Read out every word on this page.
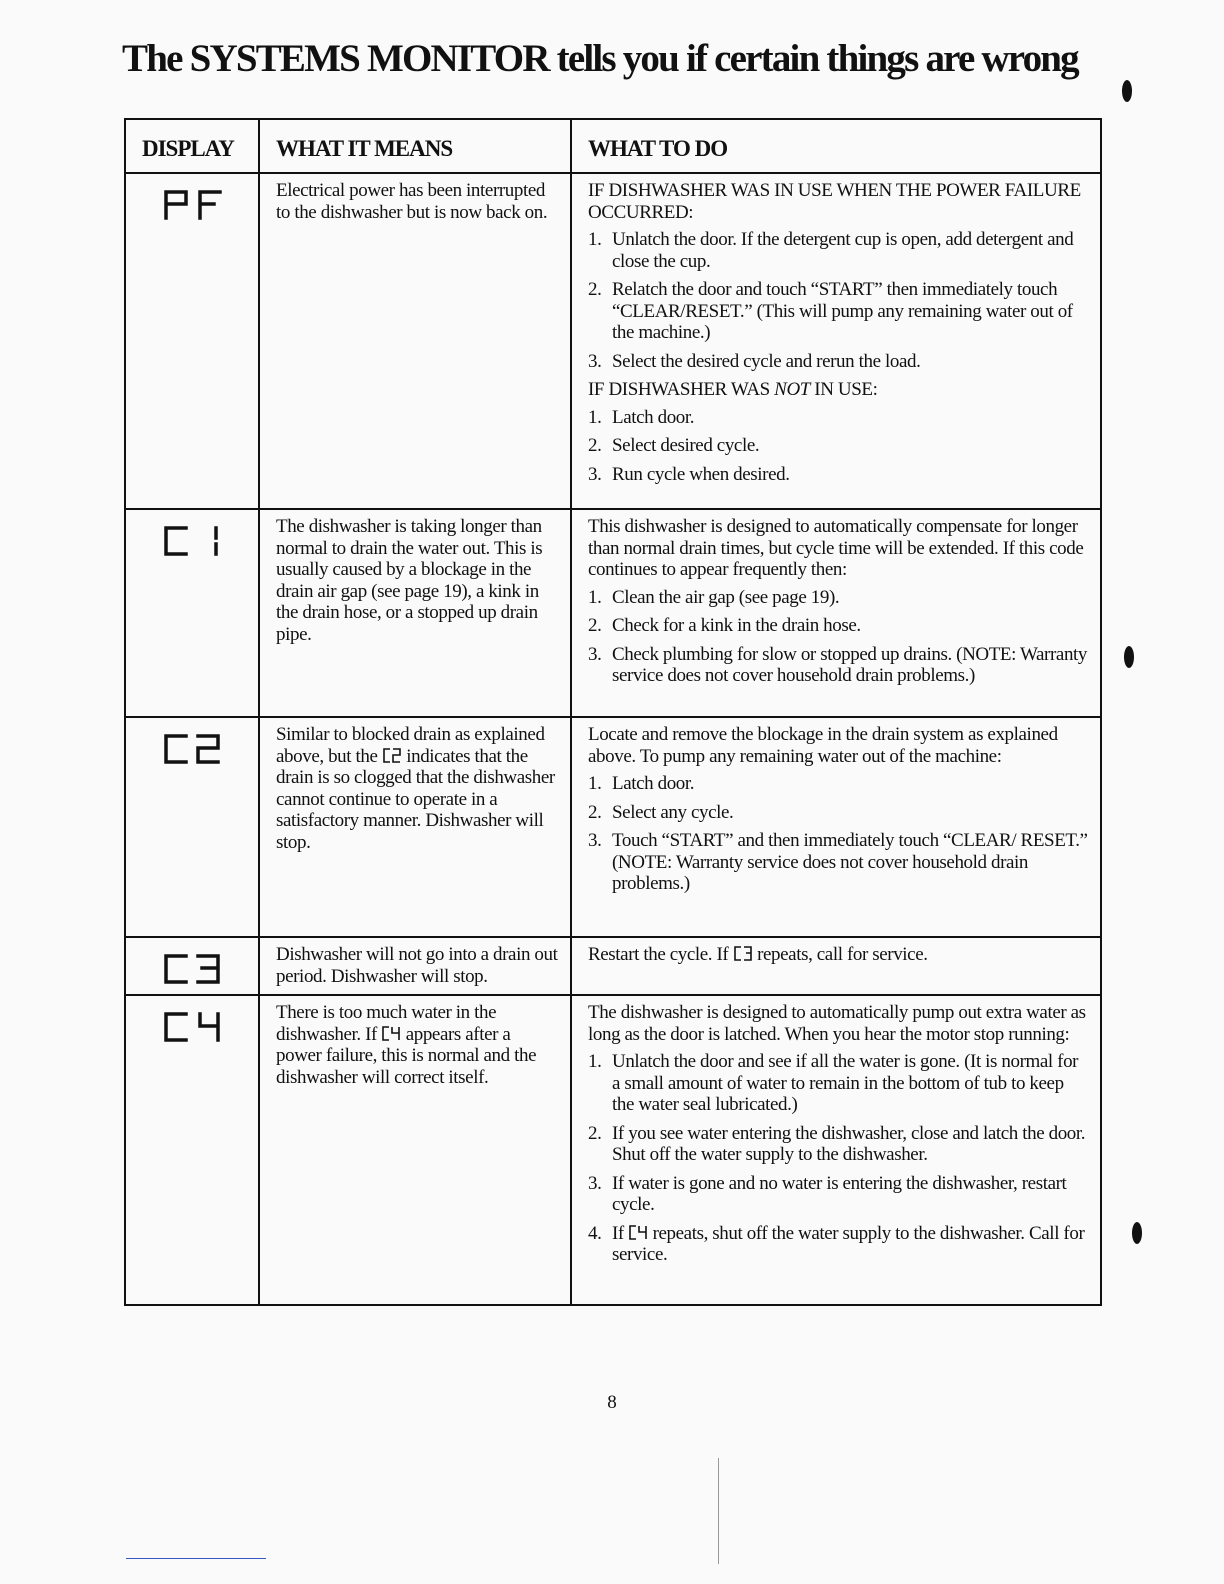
The SYSTEMS MONITOR tells you if certain things are wrong
DISPLAY	WHAT IT MEANS	WHAT TO DO
Electrical power has been interrupted to the dishwasher but is now back on.

IF DISHWASHER WAS IN USE WHEN THE POWER FAILURE OCCURRED:

1. Unlatch the door. If the detergent cup is open, add detergent and close the cup.
2. Relatch the door and touch “START” then immediately touch “CLEAR/RESET.” (This will pump any remaining water out of the machine.)
3. Select the desired cycle and rerun the load.

IF DISHWASHER WAS NOT IN USE:

1. Latch door.
2. Select desired cycle.
3. Run cycle when desired.
The dishwasher is taking longer than normal to drain the water out. This is usually caused by a blockage in the drain air gap (see page 19), a kink in the drain hose, or a stopped up drain pipe.

This dishwasher is designed to automatically compensate for longer than normal drain times, but cycle time will be extended. If this code continues to appear frequently then:

1. Clean the air gap (see page 19).
2. Check for a kink in the drain hose.
3. Check plumbing for slow or stopped up drains. (NOTE: Warranty service does not cover household drain problems.)
Similar to blocked drain as explained above, but the  indicates that the drain is so clogged that the dishwasher cannot continue to operate in a satisfactory manner. Dishwasher will stop.

Locate and remove the blockage in the drain system as explained above. To pump any remaining water out of the machine:

1. Latch door.
2. Select any cycle.
3. Touch “START” and then immediately touch “CLEAR/ RESET.” (NOTE: Warranty service does not cover household drain problems.)
Dishwasher will not go into a drain out period. Dishwasher will stop.

Restart the cycle. If  repeats, call for service.

There is too much water in the dishwasher. If  appears after a power failure, this is normal and the dishwasher will correct itself.

The dishwasher is designed to automatically pump out extra water as long as the door is latched. When you hear the motor stop running:

1. Unlatch the door and see if all the water is gone. (It is normal for a small amount of water to remain in the bottom of tub to keep the water seal lubricated.)
2. If you see water entering the dishwasher, close and latch the door. Shut off the water supply to the dishwasher.
3. If water is gone and no water is entering the dishwasher, restart cycle.
4. If  repeats, shut off the water supply to the dishwasher. Call for service.
8
